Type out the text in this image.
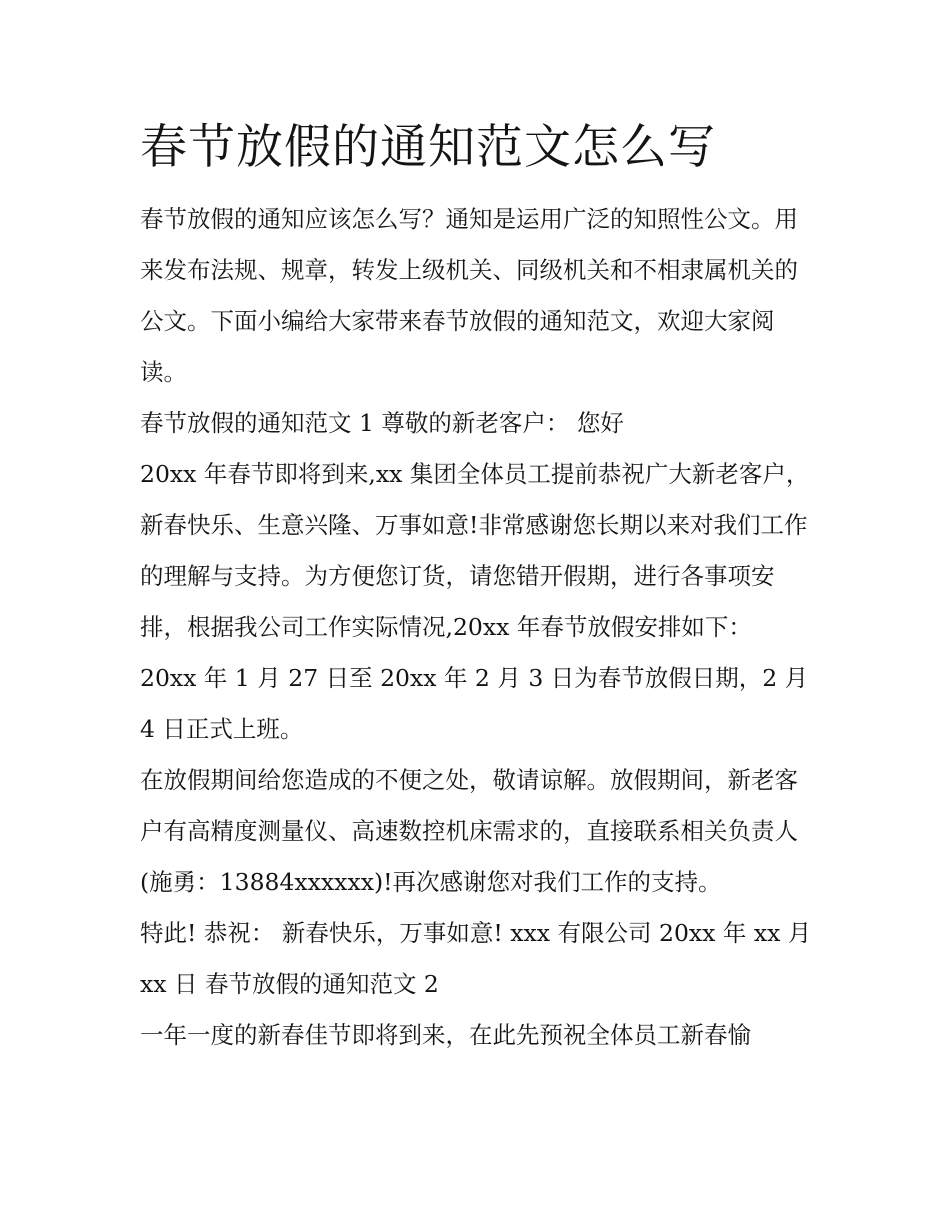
春节放假的通知范文怎么写

春节放假的通知应该怎么写？通知是运用广泛的知照性公文。用来发布法规、规章，转发上级机关、同级机关和不相隶属机关的公文。下面小编给大家带来春节放假的通知范文，欢迎大家阅读。

春节放假的通知范文 1 尊敬的新老客户： 您好

20xx 年春节即将到来,xx 集团全体员工提前恭祝广大新老客户，新春快乐、生意兴隆、万事如意!非常感谢您长期以来对我们工作的理解与支持。为方便您订货，请您错开假期，进行各事项安排，根据我公司工作实际情况,20xx 年春节放假安排如下：

20xx 年 1 月 27 日至 20xx 年 2 月 3 日为春节放假日期，2 月 4 日正式上班。

在放假期间给您造成的不便之处，敬请谅解。放假期间，新老客户有高精度测量仪、高速数控机床需求的，直接联系相关负责人(施勇：13884xxxxxx)!再次感谢您对我们工作的支持。

特此! 恭祝： 新春快乐，万事如意! xxx 有限公司 20xx 年 xx 月 xx 日 春节放假的通知范文 2

一年一度的新春佳节即将到来，在此先预祝全体员工新春愉
